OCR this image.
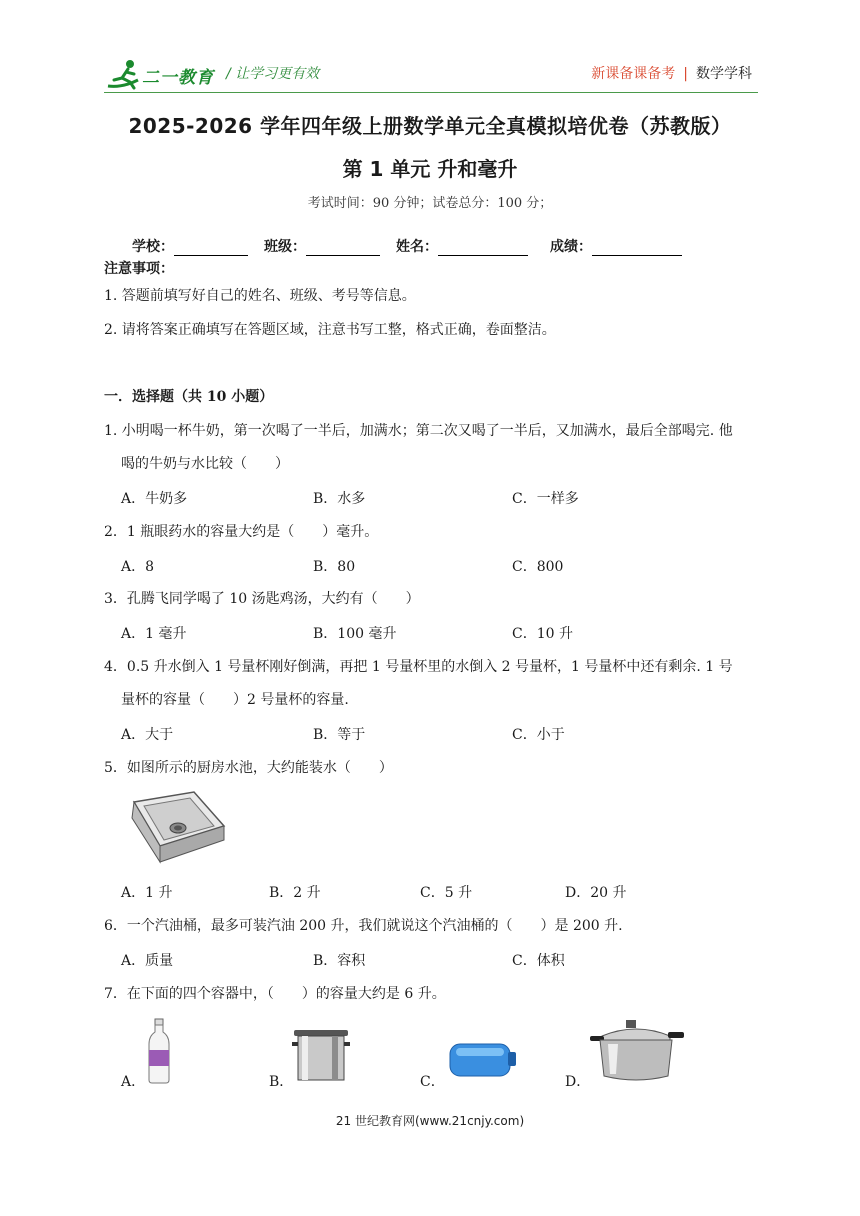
二一教育 / 让学习更有效	新课备课备考 | 数学学科
2025-2026 学年四年级上册数学单元全真模拟培优卷（苏教版）
第 1 单元 升和毫升
考试时间：90 分钟；试卷总分：100 分；
学校：	班级：	姓名：	成绩：
注意事项：
1. 答题前填写好自己的姓名、班级、考号等信息。
2. 请将答案正确填写在答题区域，注意书写工整，格式正确，卷面整洁。
一．选择题（共 10 小题）
1. 小明喝一杯牛奶，第一次喝了一半后，加满水；第二次又喝了一半后，又加满水，最后全部喝完. 他
喝的牛奶与水比较（　　）
A．牛奶多	B．水多	C．一样多
2．1 瓶眼药水的容量大约是（　　）毫升。
A．8	B．80	C．800
3．孔腾飞同学喝了 10 汤匙鸡汤，大约有（　　）
A．1 毫升	B．100 毫升	C．10 升
4．0.5 升水倒入 1 号量杯刚好倒满，再把 1 号量杯里的水倒入 2 号量杯，1 号量杯中还有剩余. 1 号
量杯的容量（　　）2 号量杯的容量.
A．大于	B．等于	C．小于
5．如图所示的厨房水池，大约能装水（　　）
A．1 升	B．2 升	C．5 升	D．20 升
6．一个汽油桶，最多可装汽油 200 升，我们就说这个汽油桶的（　　）是 200 升.
A．质量	B．容积	C．体积
7．在下面的四个容器中，（　　）的容量大约是 6 升。
A．	B．	C．	D．
21 世纪教育网(www.21cnjy.com)
